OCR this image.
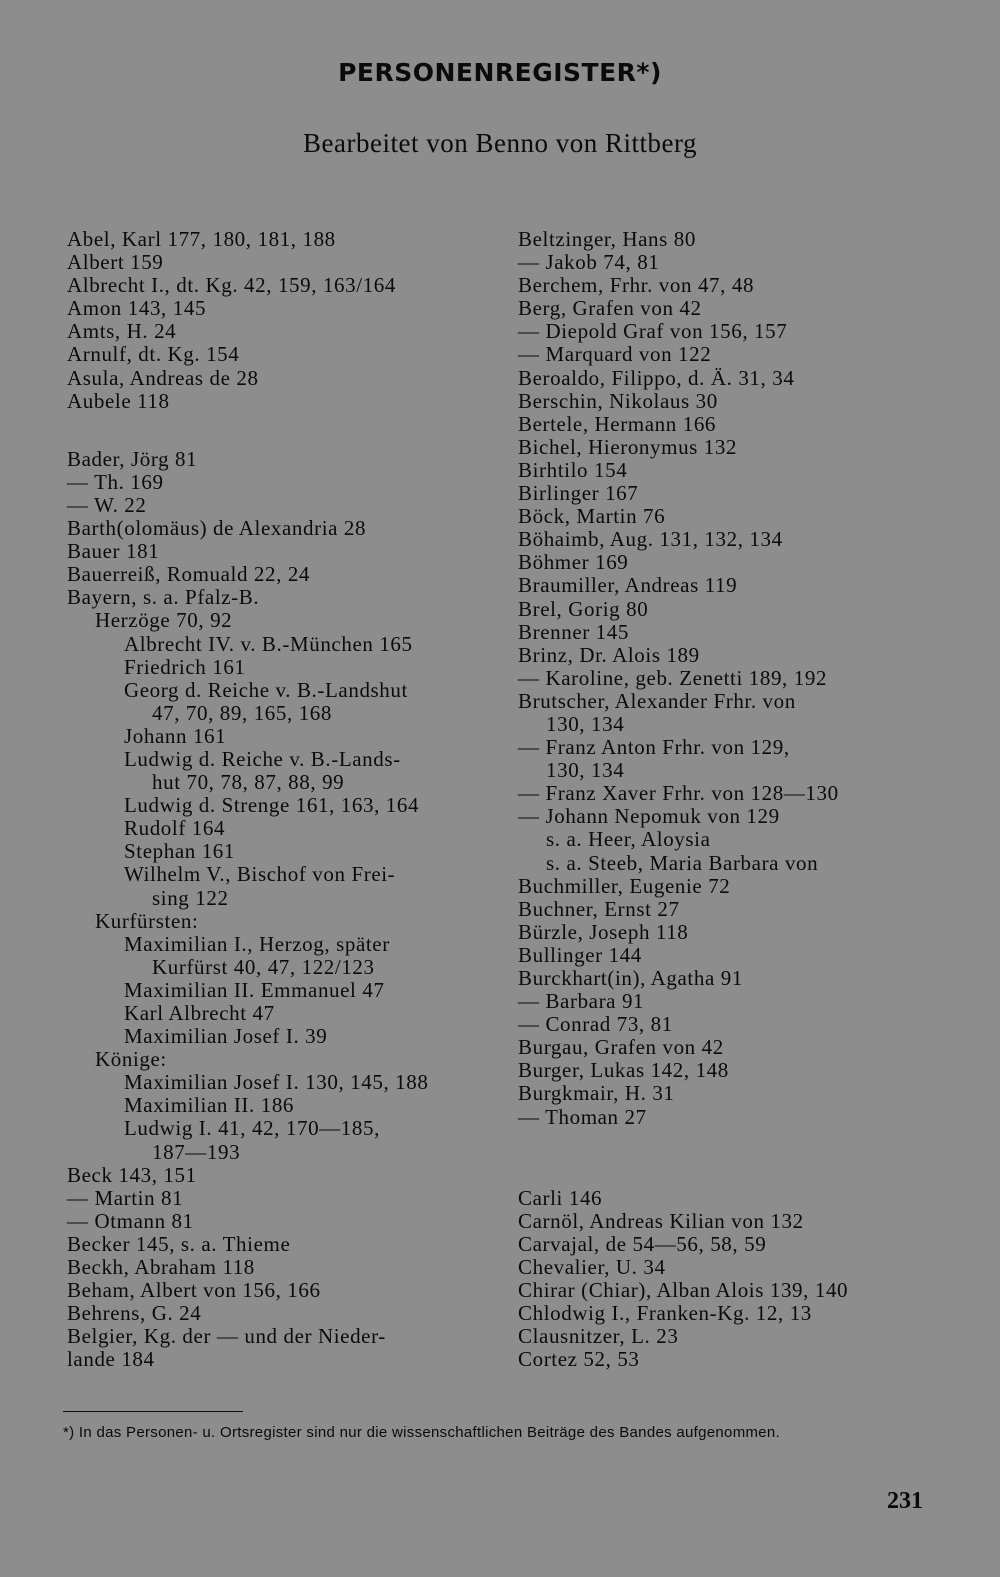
PERSONENREGISTER*)
Bearbeitet von Benno von Rittberg
Abel, Karl 177, 180, 181, 188
Albert 159
Albrecht I., dt. Kg. 42, 159, 163/164
Amon 143, 145
Amts, H. 24
Arnulf, dt. Kg. 154
Asula, Andreas de 28
Aubele 118
Bader, Jörg 81
— Th. 169
— W. 22
Barth(olomäus) de Alexandria 28
Bauer 181
Bauerreiß, Romuald 22, 24
Bayern, s. a. Pfalz-B.
Herzöge 70, 92
Albrecht IV. v. B.-München 165
Friedrich 161
Georg d. Reiche v. B.-Landshut
47, 70, 89, 165, 168
Johann 161
Ludwig d. Reiche v. B.-Lands-
hut 70, 78, 87, 88, 99
Ludwig d. Strenge 161, 163, 164
Rudolf 164
Stephan 161
Wilhelm V., Bischof von Frei-
sing 122
Kurfürsten:
Maximilian I., Herzog, später
Kurfürst 40, 47, 122/123
Maximilian II. Emmanuel 47
Karl Albrecht 47
Maximilian Josef I. 39
Könige:
Maximilian Josef I. 130, 145, 188
Maximilian II. 186
Ludwig I. 41, 42, 170—185,
187—193
Beck 143, 151
— Martin 81
— Otmann 81
Becker 145, s. a. Thieme
Beckh, Abraham 118
Beham, Albert von 156, 166
Behrens, G. 24
Belgier, Kg. der — und der Nieder-
lande 184
Beltzinger, Hans 80
— Jakob 74, 81
Berchem, Frhr. von 47, 48
Berg, Grafen von 42
— Diepold Graf von 156, 157
— Marquard von 122
Beroaldo, Filippo, d. Ä. 31, 34
Berschin, Nikolaus 30
Bertele, Hermann 166
Bichel, Hieronymus 132
Birhtilo 154
Birlinger 167
Böck, Martin 76
Böhaimb, Aug. 131, 132, 134
Böhmer 169
Braumiller, Andreas 119
Brel, Gorig 80
Brenner 145
Brinz, Dr. Alois 189
— Karoline, geb. Zenetti 189, 192
Brutscher, Alexander Frhr. von
130, 134
— Franz Anton Frhr. von 129,
130, 134
— Franz Xaver Frhr. von 128—130
— Johann Nepomuk von 129
s. a. Heer, Aloysia
s. a. Steeb, Maria Barbara von
Buchmiller, Eugenie 72
Buchner, Ernst 27
Bürzle, Joseph 118
Bullinger 144
Burckhart(in), Agatha 91
— Barbara 91
— Conrad 73, 81
Burgau, Grafen von 42
Burger, Lukas 142, 148
Burgkmair, H. 31
— Thoman 27
Carli 146
Carnöl, Andreas Kilian von 132
Carvajal, de 54—56, 58, 59
Chevalier, U. 34
Chirar (Chiar), Alban Alois 139, 140
Chlodwig I., Franken-Kg. 12, 13
Clausnitzer, L. 23
Cortez 52, 53
*) In das Personen- u. Ortsregister sind nur die wissenschaftlichen Beiträge des Bandes aufgenommen.
231
